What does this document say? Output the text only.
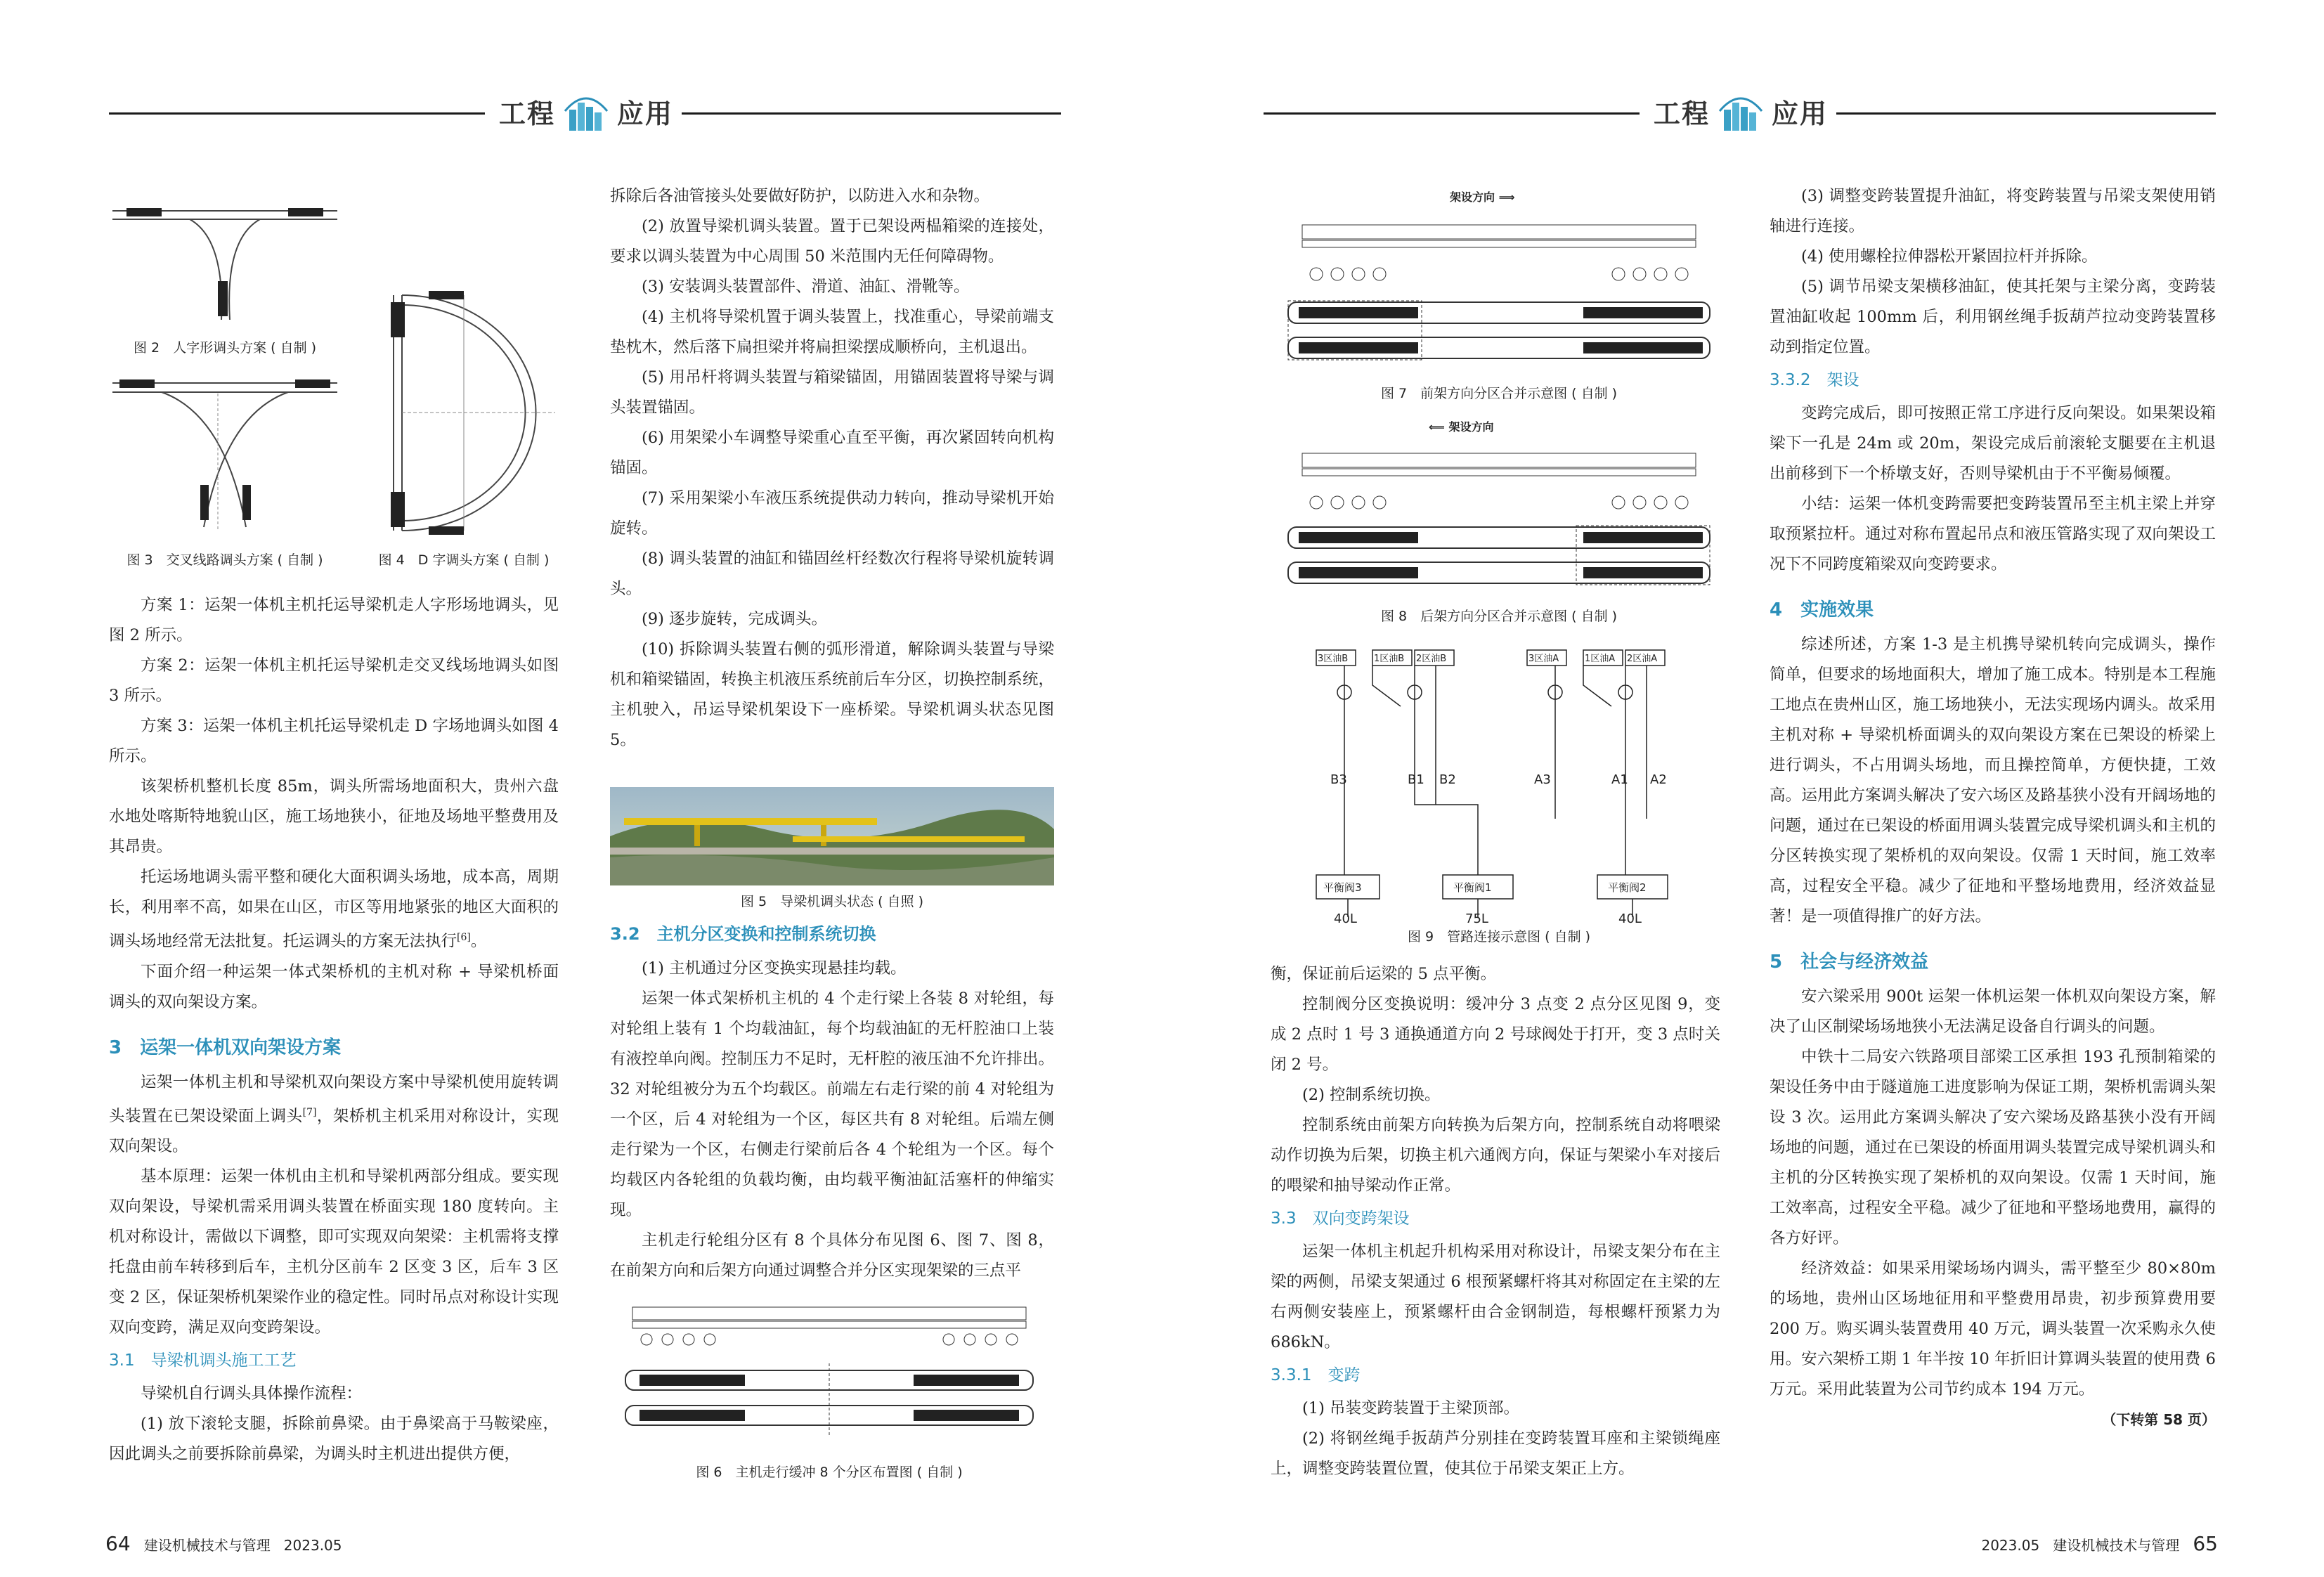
工程 应用
图 2　人字形调头方案 ( 自制 )
图 3　交叉线路调头方案 ( 自制 )	图 4　D 字调头方案 ( 自制 )

方案 1：运架一体机主机托运导梁机走人字形场地调头，见图 2 所示。

方案 2：运架一体机主机托运导梁机走交叉线场地调头如图 3 所示。

方案 3：运架一体机主机托运导梁机走 D 字场地调头如图 4 所示。

该架桥机整机长度 85m，调头所需场地面积大，贵州六盘水地处喀斯特地貌山区，施工场地狭小，征地及场地平整费用及其昂贵。

托运场地调头需平整和硬化大面积调头场地，成本高，周期长，利用率不高，如果在山区，市区等用地紧张的地区大面积的调头场地经常无法批复。托运调头的方案无法执行[6]。

下面介绍一种运架一体式架桥机的主机对称 + 导梁机桥面调头的双向架设方案。

3　运架一体机双向架设方案

运架一体机主机和导梁机双向架设方案中导梁机使用旋转调头装置在已架设梁面上调头[7]，架桥机主机采用对称设计，实现双向架设。

基本原理：运架一体机由主机和导梁机两部分组成。要实现双向架设，导梁机需采用调头装置在桥面实现 180 度转向。主机对称设计，需做以下调整，即可实现双向架梁：主机需将支撑托盘由前车转移到后车，主机分区前车 2 区变 3 区，后车 3 区变 2 区，保证架桥机架梁作业的稳定性。同时吊点对称设计实现双向变跨，满足双向变跨架设。

3.1　导梁机调头施工工艺

导梁机自行调头具体操作流程：

(1) 放下滚轮支腿，拆除前鼻梁。由于鼻梁高于马鞍梁座，因此调头之前要拆除前鼻梁，为调头时主机进出提供方便，

拆除后各油管接头处要做好防护，以防进入水和杂物。

(2) 放置导梁机调头装置。置于已架设两榀箱梁的连接处，要求以调头装置为中心周围 50 米范围内无任何障碍物。

(3) 安装调头装置部件、滑道、油缸、滑靴等。

(4) 主机将导梁机置于调头装置上，找准重心，导梁前端支垫枕木，然后落下扁担梁并将扁担梁摆成顺桥向，主机退出。

(5) 用吊杆将调头装置与箱梁锚固，用锚固装置将导梁与调头装置锚固。

(6) 用架梁小车调整导梁重心直至平衡，再次紧固转向机构锚固。

(7) 采用架梁小车液压系统提供动力转向，推动导梁机开始旋转。

(8) 调头装置的油缸和锚固丝杆经数次行程将导梁机旋转调头。

(9) 逐步旋转，完成调头。

(10) 拆除调头装置右侧的弧形滑道，解除调头装置与导梁机和箱梁锚固，转换主机液压系统前后车分区，切换控制系统，主机驶入，吊运导梁机架设下一座桥梁。导梁机调头状态见图 5。

图 5　导梁机调头状态 ( 自照 )
3.2　主机分区变换和控制系统切换

(1) 主机通过分区变换实现悬挂均载。

运架一体式架桥机主机的 4 个走行梁上各装 8 对轮组，每对轮组上装有 1 个均载油缸，每个均载油缸的无杆腔油口上装有液控单向阀。控制压力不足时，无杆腔的液压油不允许排出。32 对轮组被分为五个均载区。前端左右走行梁的前 4 对轮组为一个区，后 4 对轮组为一个区，每区共有 8 对轮组。后端左侧走行梁为一个区，右侧走行梁前后各 4 个轮组为一个区。每个均载区内各轮组的负载均衡，由均载平衡油缸活塞杆的伸缩实现。

主机走行轮组分区有 8 个具体分布见图 6、图 7、图 8，在前架方向和后架方向通过调整合并分区实现架梁的三点平

图 6　主机走行缓冲 8 个分区布置图 ( 自制 )
64 建设机械技术与管理 2023.05
工程 应用
架设方向 ⟹
图 7　前架方向分区合并示意图 ( 自制 )
⟸ 架设方向
图 8　后架方向分区合并示意图 ( 自制 )
3区油B	1区油B 2区油B	3区油A	1区油A 2区油A
B3	B1 B2	A3	A1 A2
平衡阀3	平衡阀1	平衡阀2
40L	75L	40L
图 9　管路连接示意图 ( 自制 )

衡，保证前后运梁的 5 点平衡。

控制阀分区变换说明：缓冲分 3 点变 2 点分区见图 9，变成 2 点时 1 号 3 通换通道方向 2 号球阀处于打开，变 3 点时关闭 2 号。

(2) 控制系统切换。

控制系统由前架方向转换为后架方向，控制系统自动将喂梁动作切换为后架，切换主机六通阀方向，保证与架梁小车对接后的喂梁和抽导梁动作正常。

3.3　双向变跨架设

运架一体机主机起升机构采用对称设计，吊梁支架分布在主梁的两侧，吊梁支架通过 6 根预紧螺杆将其对称固定在主梁的左右两侧安装座上，预紧螺杆由合金钢制造，每根螺杆预紧力为 686kN。

3.3.1　变跨

(1) 吊装变跨装置于主梁顶部。

(2) 将钢丝绳手扳葫芦分别挂在变跨装置耳座和主梁锁绳座上，调整变跨装置位置，使其位于吊梁支架正上方。

(3) 调整变跨装置提升油缸，将变跨装置与吊梁支架使用销轴进行连接。

(4) 使用螺栓拉伸器松开紧固拉杆并拆除。

(5) 调节吊梁支架横移油缸，使其托架与主梁分离，变跨装置油缸收起 100mm 后，利用钢丝绳手扳葫芦拉动变跨装置移动到指定位置。

3.3.2　架设

变跨完成后，即可按照正常工序进行反向架设。如果架设箱梁下一孔是 24m 或 20m，架设完成后前滚轮支腿要在主机退出前移到下一个桥墩支好，否则导梁机由于不平衡易倾覆。

小结：运架一体机变跨需要把变跨装置吊至主机主梁上并穿取预紧拉杆。通过对称布置起吊点和液压管路实现了双向架设工况下不同跨度箱梁双向变跨要求。

4　实施效果

综述所述，方案 1-3 是主机携导梁机转向完成调头，操作简单，但要求的场地面积大，增加了施工成本。特别是本工程施工地点在贵州山区，施工场地狭小，无法实现场内调头。故采用主机对称 + 导梁机桥面调头的双向架设方案在已架设的桥梁上进行调头，不占用调头场地，而且操控简单，方便快捷，工效高。运用此方案调头解决了安六场区及路基狭小没有开阔场地的问题，通过在已架设的桥面用调头装置完成导梁机调头和主机的分区转换实现了架桥机的双向架设。仅需 1 天时间，施工效率高，过程安全平稳。减少了征地和平整场地费用，经济效益显著！是一项值得推广的好方法。

5　社会与经济效益

安六梁采用 900t 运架一体机运架一体机双向架设方案，解决了山区制梁场场地狭小无法满足设备自行调头的问题。

中铁十二局安六铁路项目部梁工区承担 193 孔预制箱梁的架设任务中由于隧道施工进度影响为保证工期，架桥机需调头架设 3 次。运用此方案调头解决了安六梁场及路基狭小没有开阔场地的问题，通过在已架设的桥面用调头装置完成导梁机调头和主机的分区转换实现了架桥机的双向架设。仅需 1 天时间，施工效率高，过程安全平稳。减少了征地和平整场地费用，赢得的各方好评。

经济效益：如果采用梁场场内调头，需平整至少 80×80m 的场地，贵州山区场地征用和平整费用昂贵，初步预算费用要 200 万。购买调头装置费用 40 万元，调头装置一次采购永久使用。安六架桥工期 1 年半按 10 年折旧计算调头装置的使用费 6 万元。采用此装置为公司节约成本 194 万元。

（下转第 58 页）
2023.05 建设机械技术与管理 65
